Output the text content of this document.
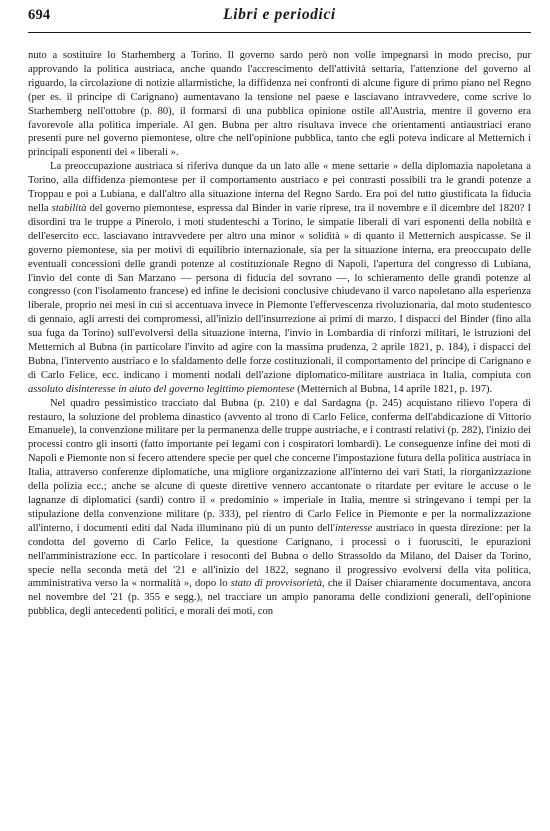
694	Libri e periodici

nuto a sostituire lo Starhemberg a Torino. Il governo sardo però non volle impegnarsi in modo preciso, pur approvando la politica austriaca, anche quando l'accrescimento dell'attività settaria, l'attenzione del governo al riguardo, la circolazione di notizie allarmistiche, la diffidenza nei confronti di alcune figure di primo piano nel Regno (per es. il principe di Carignano) aumentavano la tensione nel paese e lasciavano intravvedere, come scrive lo Starhemberg nell'ottobre (p. 80), il formarsi di una pubblica opinione ostile all'Austria, mentre il governo era favorevole alla politica imperiale. Al gen. Bubna per altro risultava invece che orientamenti antiaustriaci erano presenti pure nel governo piemontese, oltre che nell'opinione pubblica, tanto che egli poteva indicare al Metternich i principali esponenti dei « liberali ».

La preoccupazione austriaca si riferiva dunque da un lato alle « mene settarie » della diplomazia napoletana a Torino, alla diffidenza piemontese per il comportamento austriaco e pei contrasti possibili tra le grandi potenze a Troppau e poi a Lubiana, e dall'altro alla situazione interna del Regno Sardo. Era poi del tutto giustificata la fiducia nella stabilità del governo piemontese, espressa dal Binder in varie riprese, tra il novembre e il dicembre del 1820? I disordini tra le truppe a Pinerolo, i moti studenteschi a Torino, le simpatie liberali di vari esponenti della nobiltà e dell'esercito ecc. lasciavano intravvedere per altro una minor « solidità » di quanto il Metternich auspicasse. Se il governo piemontese, sia per motivi di equilibrio internazionale, sia per la situazione interna, era preoccupato delle eventuali concessioni delle grandi potenze al costituzionale Regno di Napoli, l'apertura del congresso di Lubiana, l'invio del conte di San Marzano — persona di fiducia del sovrano —, lo schieramento delle grandi potenze al congresso (con l'isolamento francese) ed infine le decisioni conclusive chiudevano il varco napoletano alla esperienza liberale, proprio nei mesi in cui si accentuava invece in Piemonte l'effervescenza rivoluzionaria, dal moto studentesco di gennaio, agli arresti dei compromessi, all'inizio dell'insurrezione ai primi di marzo. I dispacci del Binder (fino alla sua fuga da Torino) sull'evolversi della situazione interna, l'invio in Lombardia di rinforzi militari, le istruzioni del Metternich al Bubna (in particolare l'invito ad agire con la massima prudenza, 2 aprile 1821, p. 184), i dispacci del Bubna, l'intervento austriaco e lo sfaldamento delle forze costituzionali, il comportamento del principe di Carignano e di Carlo Felice, ecc. indicano i momenti nodali dell'azione diplomatico-militare austriaca in Italia, compiuta con assoluto disinteresse in aiuto del governo legittimo piemontese (Metternich al Bubna, 14 aprile 1821, p. 197).

Nel quadro pessimistico tracciato dal Bubna (p. 210) e dal Sardagna (p. 245) acquistano rilievo l'opera di restauro, la soluzione del problema dinastico (avvento al trono di Carlo Felice, conferma dell'abdicazione di Vittorio Emanuele), la convenzione militare per la permanenza delle truppe austriache, e i contrasti relativi (p. 282), l'inizio dei processi contro gli insorti (fatto importante pei legami con i cospiratori lombardi). Le conseguenze infine dei moti di Napoli e Piemonte non si fecero attendere specie per quel che concerne l'impostazione futura della politica austriaca in Italia, attraverso conferenze diplomatiche, una migliore organizzazione all'interno dei vari Stati, la riorganizzazione della polizia ecc.; anche se alcune di queste direttive vennero accantonate o ritardate per evitare le accuse o le lagnanze di diplomatici (sardi) contro il « predominio » imperiale in Italia, mentre si stringevano i tempi per la stipulazione della convenzione militare (p. 333), pel rientro di Carlo Felice in Piemonte e per la normalizzazione all'interno, i documenti editi dal Nada illuminano più di un punto dell'interesse austriaco in questa direzione: per la condotta del governo di Carlo Felice, la questione Carignano, i processi o i fuorusciti, le epurazioni nell'amministrazione ecc. In particolare i resoconti del Bubna o dello Strassoldo da Milano, del Daiser da Torino, specie nella seconda metà del '21 e all'inizio del 1822, segnano il progressivo evolversi della vita politica, amministrativa verso la « normalità », dopo lo stato di provvisorietà, che il Daiser chiaramente documentava, ancora nel novembre del '21 (p. 355 e segg.), nel tracciare un ampio panorama delle condizioni generali, dell'opinione pubblica, degli antecedenti politici, e morali dei moti, con
